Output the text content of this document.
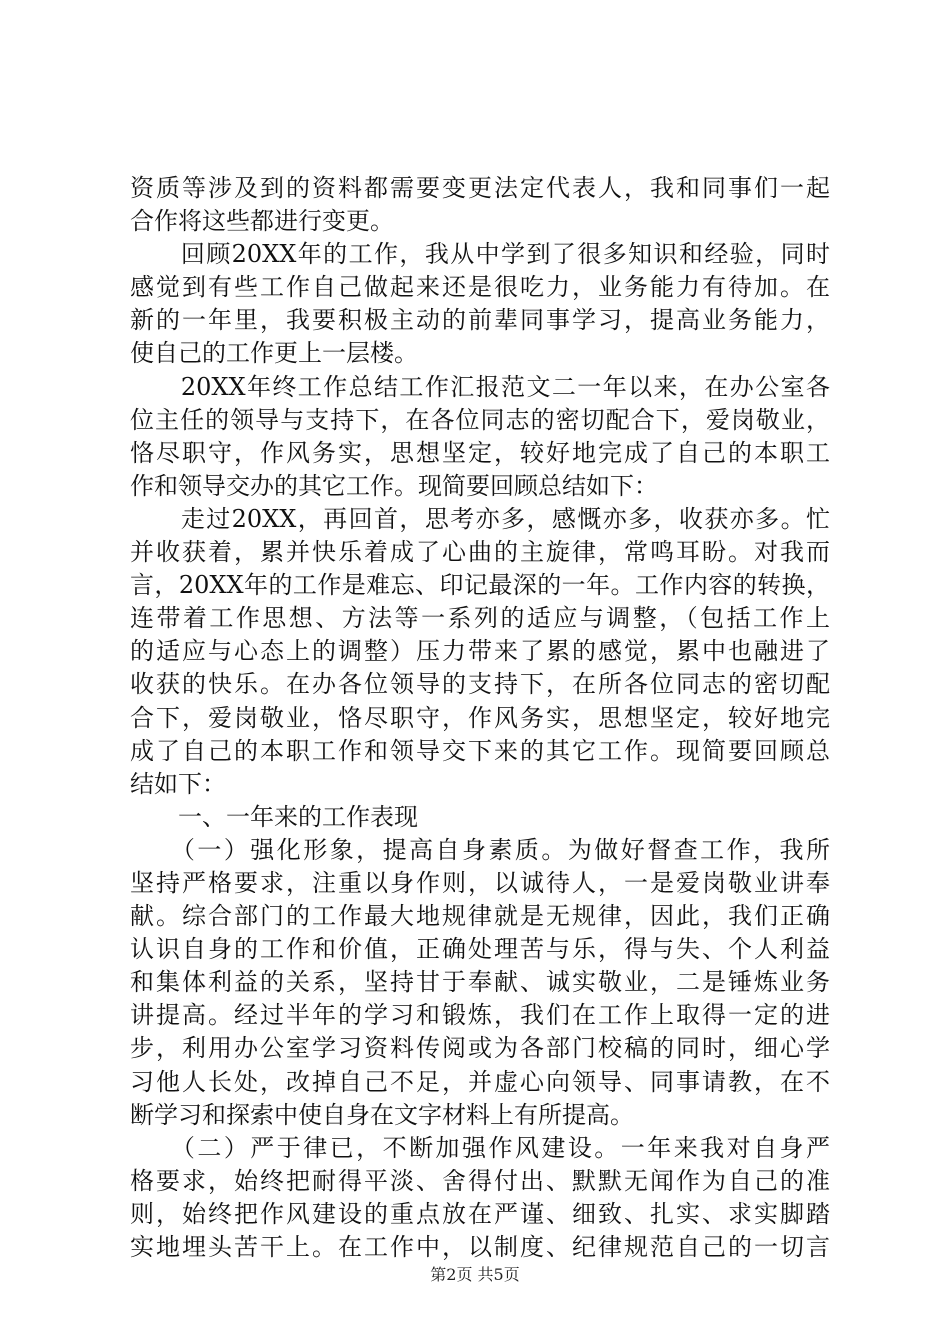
资质等涉及到的资料都需要变更法定代表人，我和同事们一起
合作将这些都进行变更。
　　回顾20XX年的工作，我从中学到了很多知识和经验，同时
感觉到有些工作自己做起来还是很吃力，业务能力有待加。在
新的一年里，我要积极主动的前辈同事学习，提高业务能力，
使自己的工作更上一层楼。
　　20XX年终工作总结工作汇报范文二一年以来，在办公室各
位主任的领导与支持下，在各位同志的密切配合下，爱岗敬业，
恪尽职守，作风务实，思想坚定，较好地完成了自己的本职工
作和领导交办的其它工作。现简要回顾总结如下：
　　走过20XX，再回首，思考亦多，感慨亦多，收获亦多。忙
并收获着，累并快乐着成了心曲的主旋律，常鸣耳盼。对我而
言，20XX年的工作是难忘、印记最深的一年。工作内容的转换，
连带着工作思想、方法等一系列的适应与调整，（包括工作上
的适应与心态上的调整）压力带来了累的感觉，累中也融进了
收获的快乐。在办各位领导的支持下，在所各位同志的密切配
合下，爱岗敬业，恪尽职守，作风务实，思想坚定，较好地完
成了自己的本职工作和领导交下来的其它工作。现简要回顾总
结如下：
　　一、一年来的工作表现
　　（一）强化形象，提高自身素质。为做好督查工作，我所
坚持严格要求，注重以身作则，以诚待人，一是爱岗敬业讲奉
献。综合部门的工作最大地规律就是无规律，因此，我们正确
认识自身的工作和价值，正确处理苦与乐，得与失、个人利益
和集体利益的关系，坚持甘于奉献、诚实敬业，二是锤炼业务
讲提高。经过半年的学习和锻炼，我们在工作上取得一定的进
步，利用办公室学习资料传阅或为各部门校稿的同时，细心学
习他人长处，改掉自己不足，并虚心向领导、同事请教，在不
断学习和探索中使自身在文字材料上有所提高。
　　（二）严于律已，不断加强作风建设。一年来我对自身严
格要求，始终把耐得平淡、舍得付出、默默无闻作为自己的准
则，始终把作风建设的重点放在严谨、细致、扎实、求实脚踏
实地埋头苦干上。在工作中，以制度、纪律规范自己的一切言
第2页 共5页
